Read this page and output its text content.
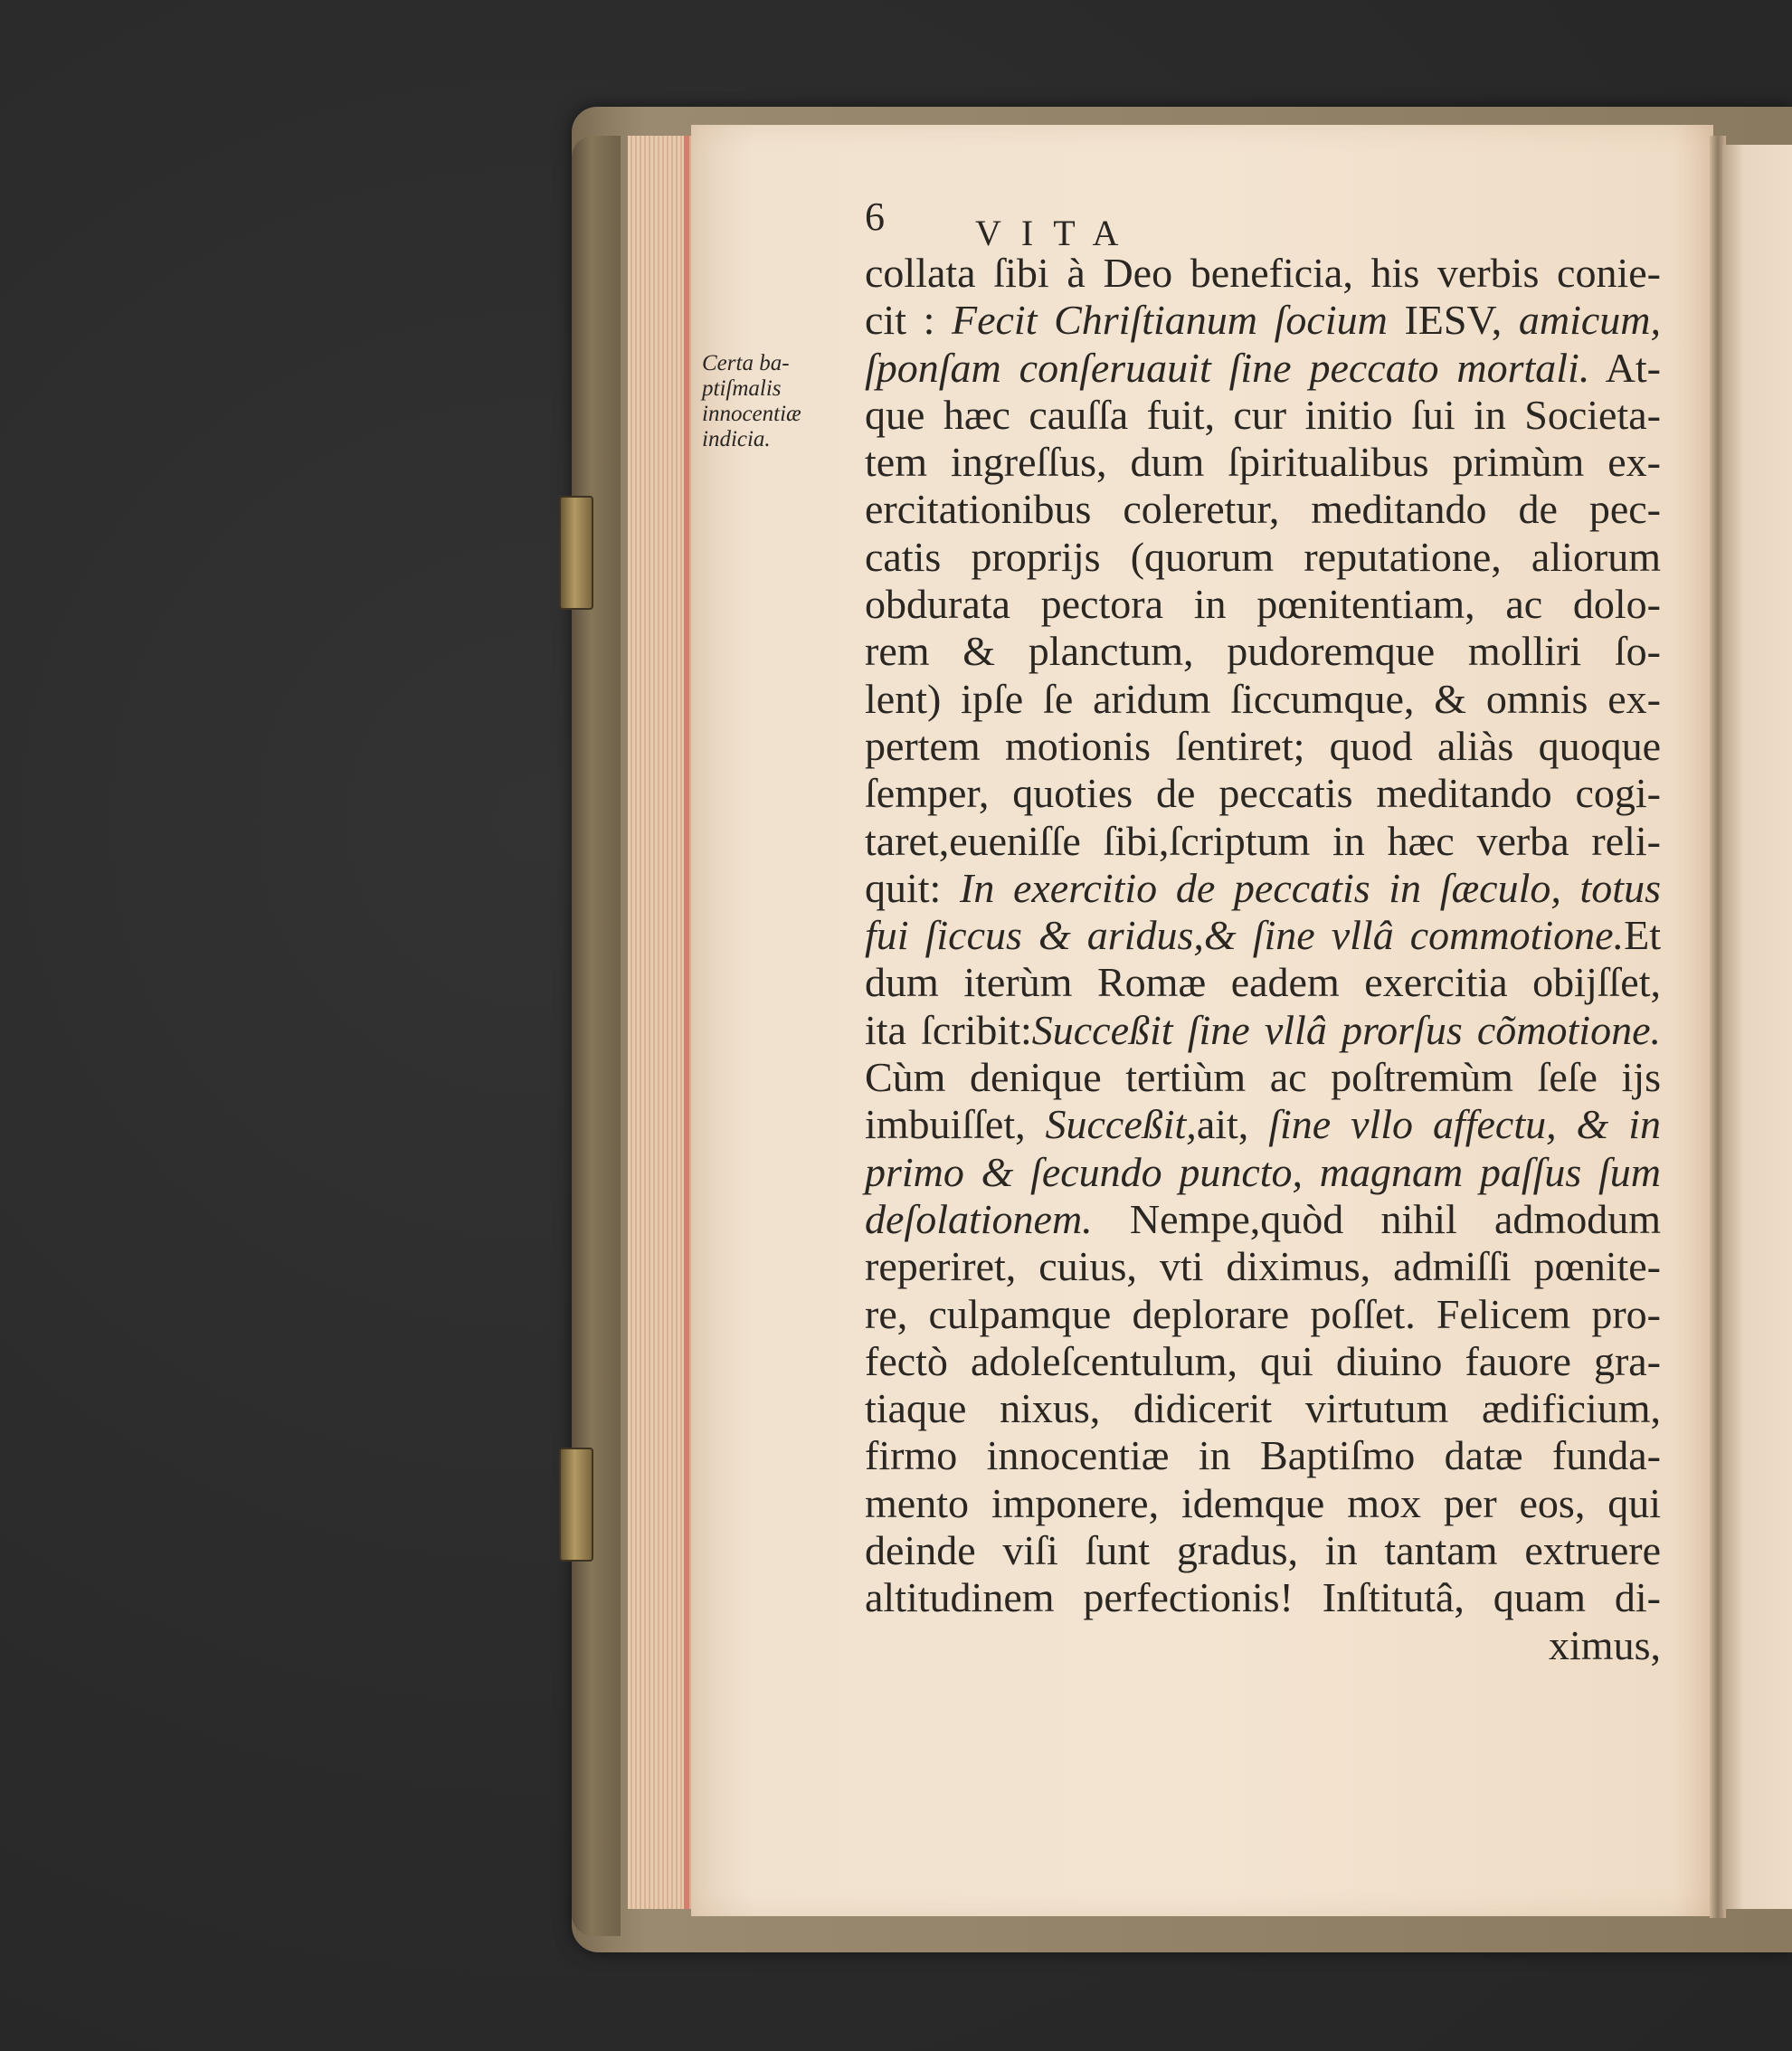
6	VITA
Certa ba-
ptiſmalis
innocentiæ
indicia.
collata ſibi à Deo beneficia, his verbis conie-
cit : Fecit Chriſtianum ſocium IESV, amicum,
ſponſam conſeruauit ſine peccato mortali. At-
que hæc cauſſa fuit, cur initio ſui in Societa-
tem ingreſſus, dum ſpiritualibus primùm ex-
ercitationibus coleretur, meditando de pec-
catis proprijs (quorum reputatione, aliorum
obdurata pectora in pœnitentiam, ac dolo-
rem & planctum, pudoremque molliri ſo-
lent) ipſe ſe aridum ſiccumque, & omnis ex-
pertem motionis ſentiret; quod aliàs quoque
ſemper, quoties de peccatis meditando cogi-
taret,eueniſſe ſibi,ſcriptum in hæc verba reli-
quit: In exercitio de peccatis in ſæculo, totus
fui ſiccus & aridus,& ſine vllâ commotione.Et
dum iterùm Romæ eadem exercitia obijſſet,
ita ſcribit:Succeßit ſine vllâ prorſus cõmotione.
Cùm denique tertiùm ac poſtremùm ſeſe ijs
imbuiſſet, Succeßit,ait, ſine vllo affectu, & in
primo & ſecundo puncto, magnam paſſus ſum
deſolationem. Nempe,quòd nihil admodum
reperiret, cuius, vti diximus, admiſſi pœnite-
re, culpamque deplorare poſſet. Felicem pro-
fectò adoleſcentulum, qui diuino fauore gra-
tiaque nixus, didicerit virtutum ædificium,
firmo innocentiæ in Baptiſmo datæ funda-
mento imponere, idemque mox per eos, qui
deinde viſi ſunt gradus, in tantam extruere
altitudinem perfectionis! Inſtitutâ, quam di-
ximus,
